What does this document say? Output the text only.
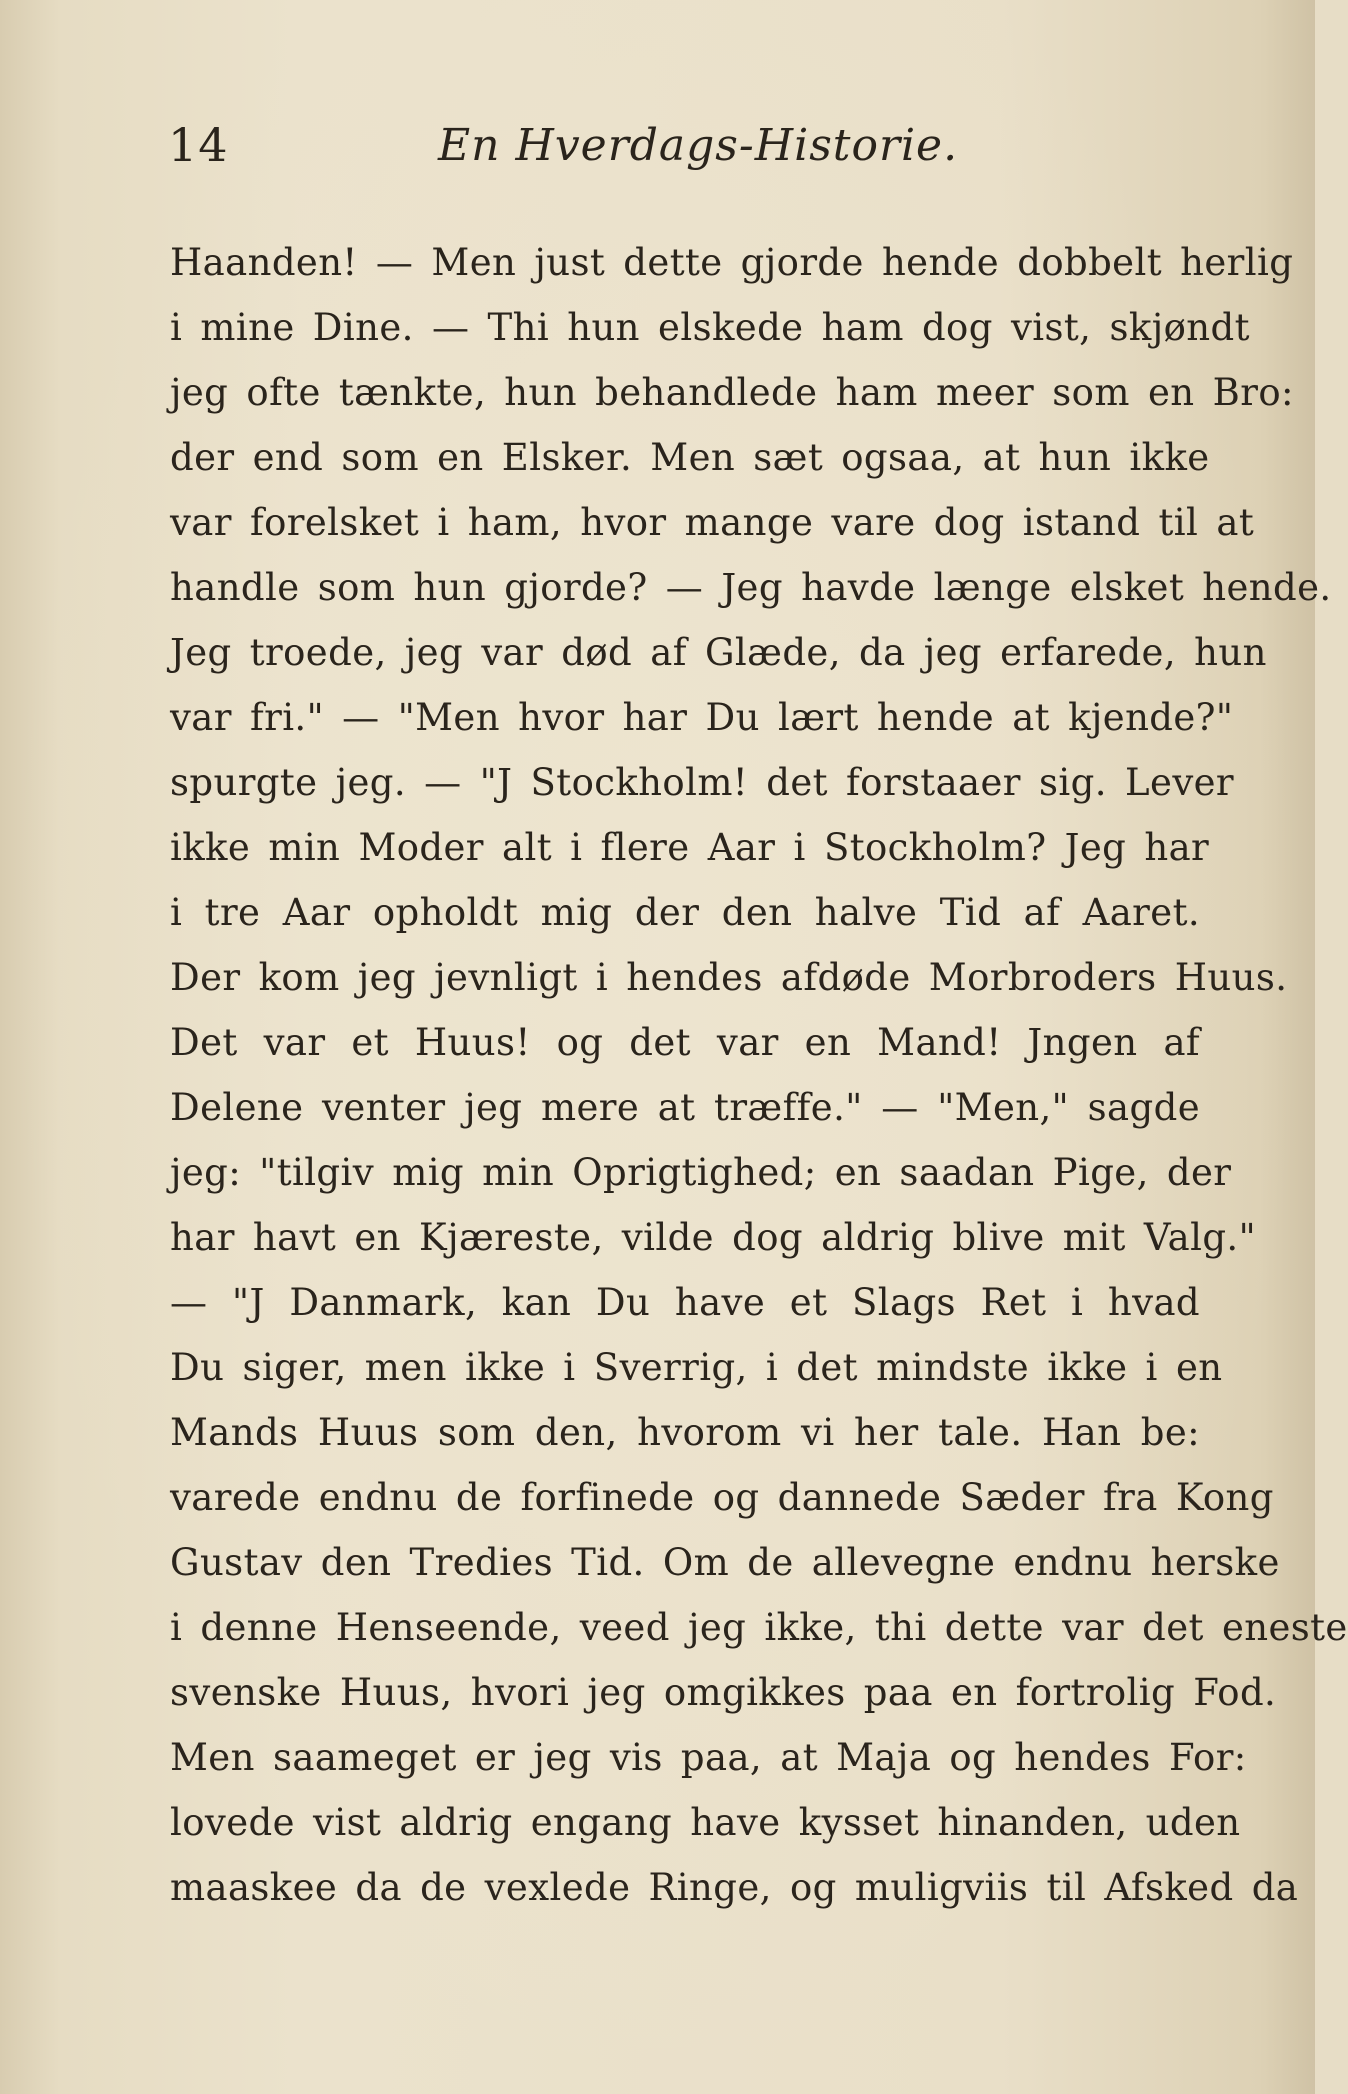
14	En Hverdags-Historie.
Haanden! — Men just dette gjorde hende dobbelt herlig
i mine Dine. — Thi hun elskede ham dog vist, skjøndt
jeg ofte tænkte, hun behandlede ham meer som en Bro:
der end som en Elsker. Men sæt ogsaa, at hun ikke
var forelsket i ham, hvor mange vare dog istand til at
handle som hun gjorde? — Jeg havde længe elsket hende.
Jeg troede, jeg var død af Glæde, da jeg erfarede, hun
var fri." — "Men hvor har Du lært hende at kjende?"
spurgte jeg. — "J Stockholm! det forstaaer sig. Lever
ikke min Moder alt i flere Aar i Stockholm? Jeg har
i tre Aar opholdt mig der den halve Tid af Aaret.
Der kom jeg jevnligt i hendes afdøde Morbroders Huus.
Det var et Huus! og det var en Mand! Jngen af
Delene venter jeg mere at træffe." — "Men," sagde
jeg: "tilgiv mig min Oprigtighed; en saadan Pige, der
har havt en Kjæreste, vilde dog aldrig blive mit Valg."
— "J Danmark, kan Du have et Slags Ret i hvad
Du siger, men ikke i Sverrig, i det mindste ikke i en
Mands Huus som den, hvorom vi her tale. Han be:
varede endnu de forfinede og dannede Sæder fra Kong
Gustav den Tredies Tid. Om de allevegne endnu herske
i denne Henseende, veed jeg ikke, thi dette var det eneste
svenske Huus, hvori jeg omgikkes paa en fortrolig Fod.
Men saameget er jeg vis paa, at Maja og hendes For:
lovede vist aldrig engang have kysset hinanden, uden
maaskee da de vexlede Ringe, og muligviis til Afsked da
